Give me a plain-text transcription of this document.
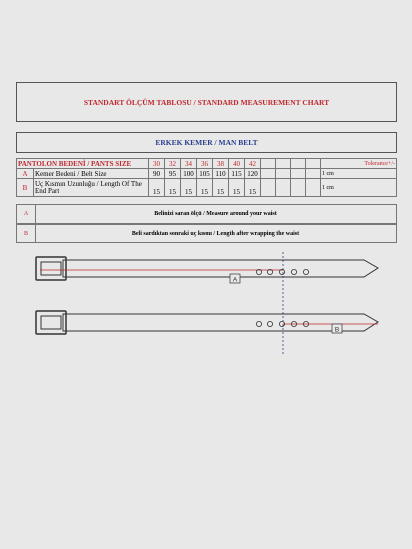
STANDART ÖLÇÜM TABLOSU / STANDARD MEASUREMENT CHART
ERKEK KEMER / MAN BELT
PANTOLON BEDENİ / PANTS SIZE		30	32	34	36	38	40	42					Tolerance+/-
A	Kemer Bedeni / Belt Size	90	95	100	105	110	115	120					1 cm
B	Uç Kısmın Uzunluğu / Length Of The End Part	15	15	15	15	15	15	15					1 cm
A	Belinizi saran ölçü / Measure around your waist
B	Beli sardıktan sonraki uç kısmı / Length after wrapping the waist
A
B
